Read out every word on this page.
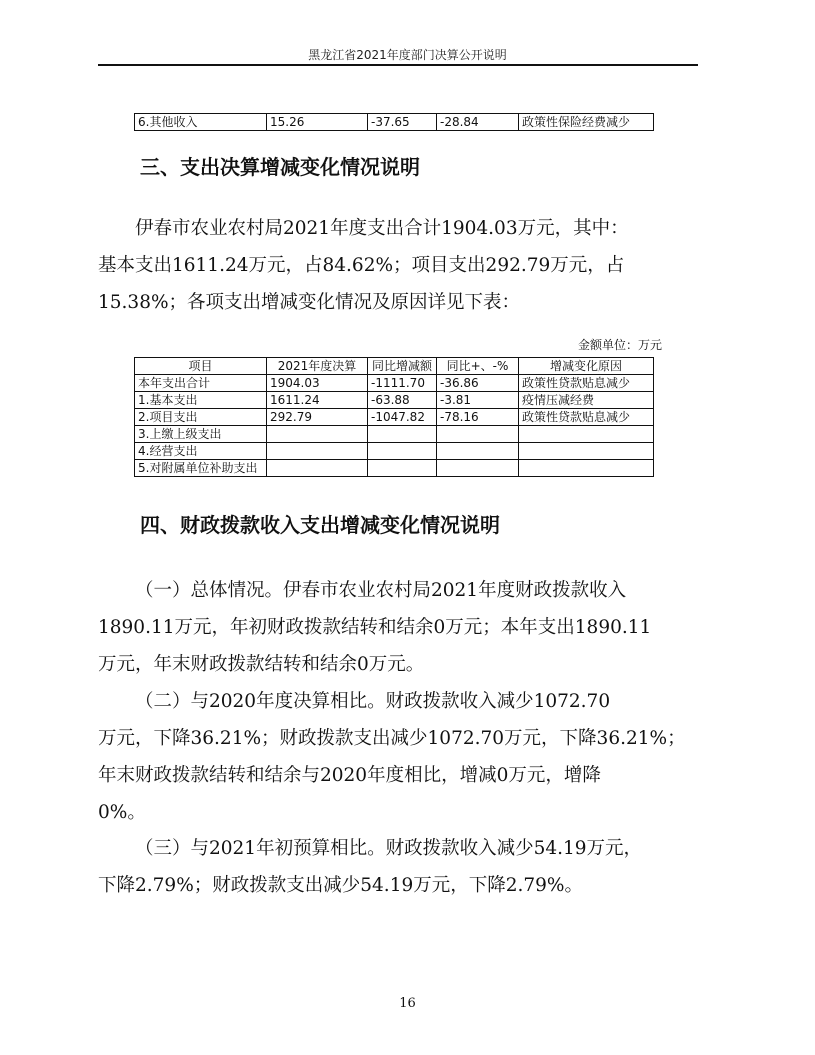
黑龙江省2021年度部门决算公开说明
6.其他收入	15.26	-37.65	-28.84	政策性保险经费减少
三、支出决算增减变化情况说明

伊春市农业农村局2021年度支出合计1904.03万元，其中：

基本支出1611.24万元，占84.62%；项目支出292.79万元，占

15.38%；各项支出增减变化情况及原因详见下表：

金额单位：万元
项目	2021年度决算	同比增减额	同比+、-%	增减变化原因
本年支出合计	1904.03	-1111.70	-36.86	政策性贷款贴息减少
1.基本支出	1611.24	-63.88	-3.81	疫情压减经费
2.项目支出	292.79	-1047.82	-78.16	政策性贷款贴息减少
3.上缴上级支出				
4.经营支出				
5.对附属单位补助支出				
四、财政拨款收入支出增减变化情况说明

（一）总体情况。伊春市农业农村局2021年度财政拨款收入

1890.11万元，年初财政拨款结转和结余0万元；本年支出1890.11

万元，年末财政拨款结转和结余0万元。

（二）与2020年度决算相比。财政拨款收入减少1072.70

万元，下降36.21%；财政拨款支出减少1072.70万元，下降36.21%；

年末财政拨款结转和结余与2020年度相比，增减0万元，增降

0%。

（三）与2021年初预算相比。财政拨款收入减少54.19万元，

下降2.79%；财政拨款支出减少54.19万元，下降2.79%。

16
